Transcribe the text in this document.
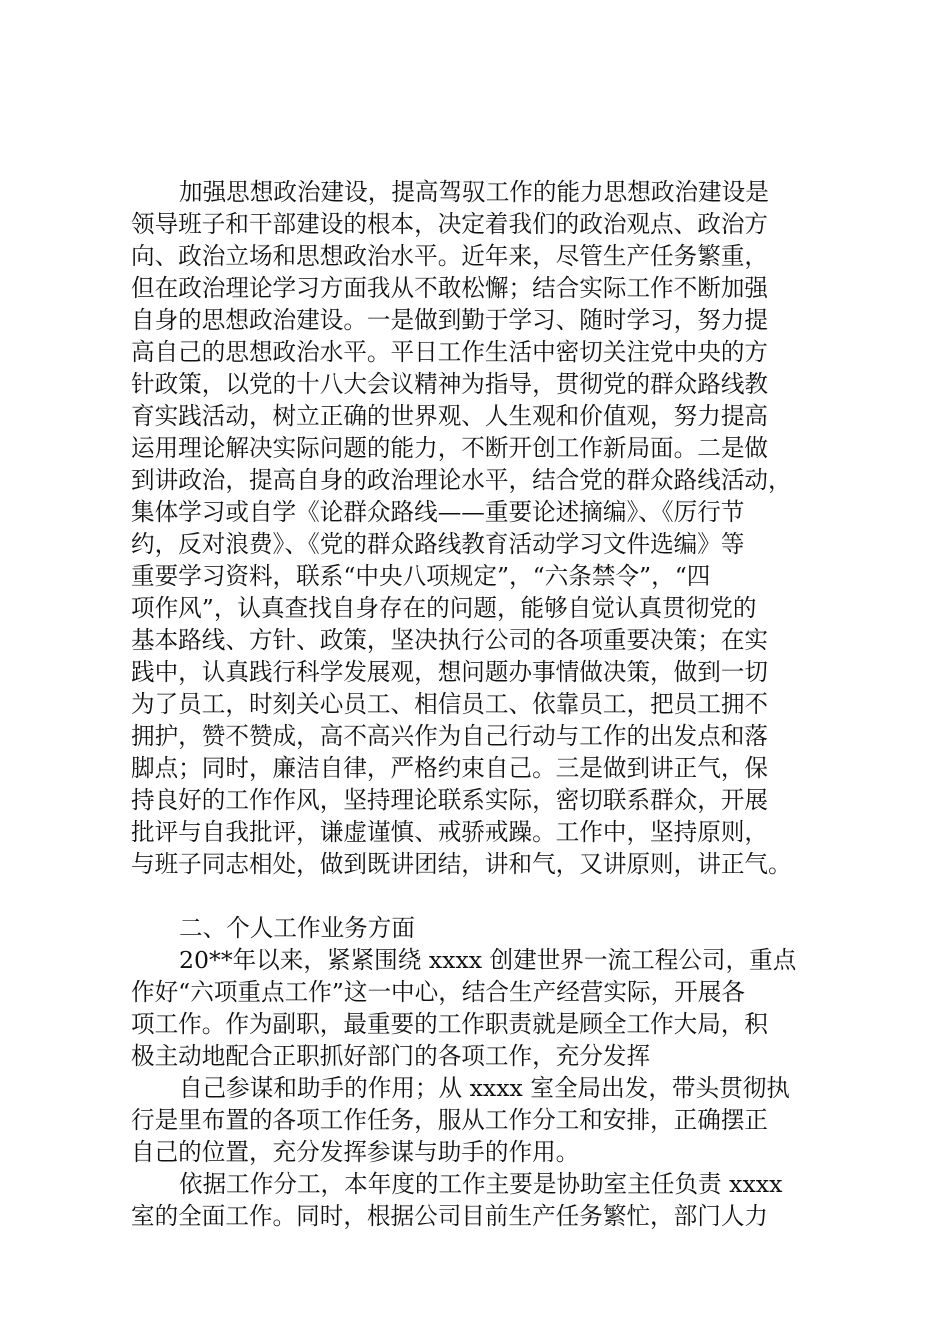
加强思想政治建设，提高驾驭工作的能力思想政治建设是
领导班子和干部建设的根本，决定着我们的政治观点、政治方
向、政治立场和思想政治水平。近年来，尽管生产任务繁重，
但在政治理论学习方面我从不敢松懈；结合实际工作不断加强
自身的思想政治建设。一是做到勤于学习、随时学习，努力提
高自己的思想政治水平。平日工作生活中密切关注党中央的方
针政策，以党的十八大会议精神为指导，贯彻党的群众路线教
育实践活动，树立正确的世界观、人生观和价值观，努力提高
运用理论解决实际问题的能力，不断开创工作新局面。二是做
到讲政治，提高自身的政治理论水平，结合党的群众路线活动，
集体学习或自学《论群众路线——重要论述摘编》、《厉行节
约，反对浪费》、《党的群众路线教育活动学习文件选编》等
重要学习资料，联系“中央八项规定”，“六条禁令”，“四
项作风”，认真查找自身存在的问题，能够自觉认真贯彻党的
基本路线、方针、政策，坚决执行公司的各项重要决策；在实
践中，认真践行科学发展观，想问题办事情做决策，做到一切
为了员工，时刻关心员工、相信员工、依靠员工，把员工拥不
拥护，赞不赞成，高不高兴作为自己行动与工作的出发点和落
脚点；同时，廉洁自律，严格约束自己。三是做到讲正气，保
持良好的工作作风，坚持理论联系实际，密切联系群众，开展
批评与自我批评，谦虚谨慎、戒骄戒躁。工作中，坚持原则，
与班子同志相处，做到既讲团结，讲和气，又讲原则，讲正气。
二、个人工作业务方面
20**年以来，紧紧围绕 xxxx 创建世界一流工程公司，重点
作好“六项重点工作”这一中心，结合生产经营实际，开展各
项工作。作为副职，最重要的工作职责就是顾全工作大局，积
极主动地配合正职抓好部门的各项工作，充分发挥
自己参谋和助手的作用；从 xxxx 室全局出发，带头贯彻执
行是里布置的各项工作任务，服从工作分工和安排，正确摆正
自己的位置，充分发挥参谋与助手的作用。
依据工作分工，本年度的工作主要是协助室主任负责 xxxx
室的全面工作。同时，根据公司目前生产任务繁忙，部门人力
